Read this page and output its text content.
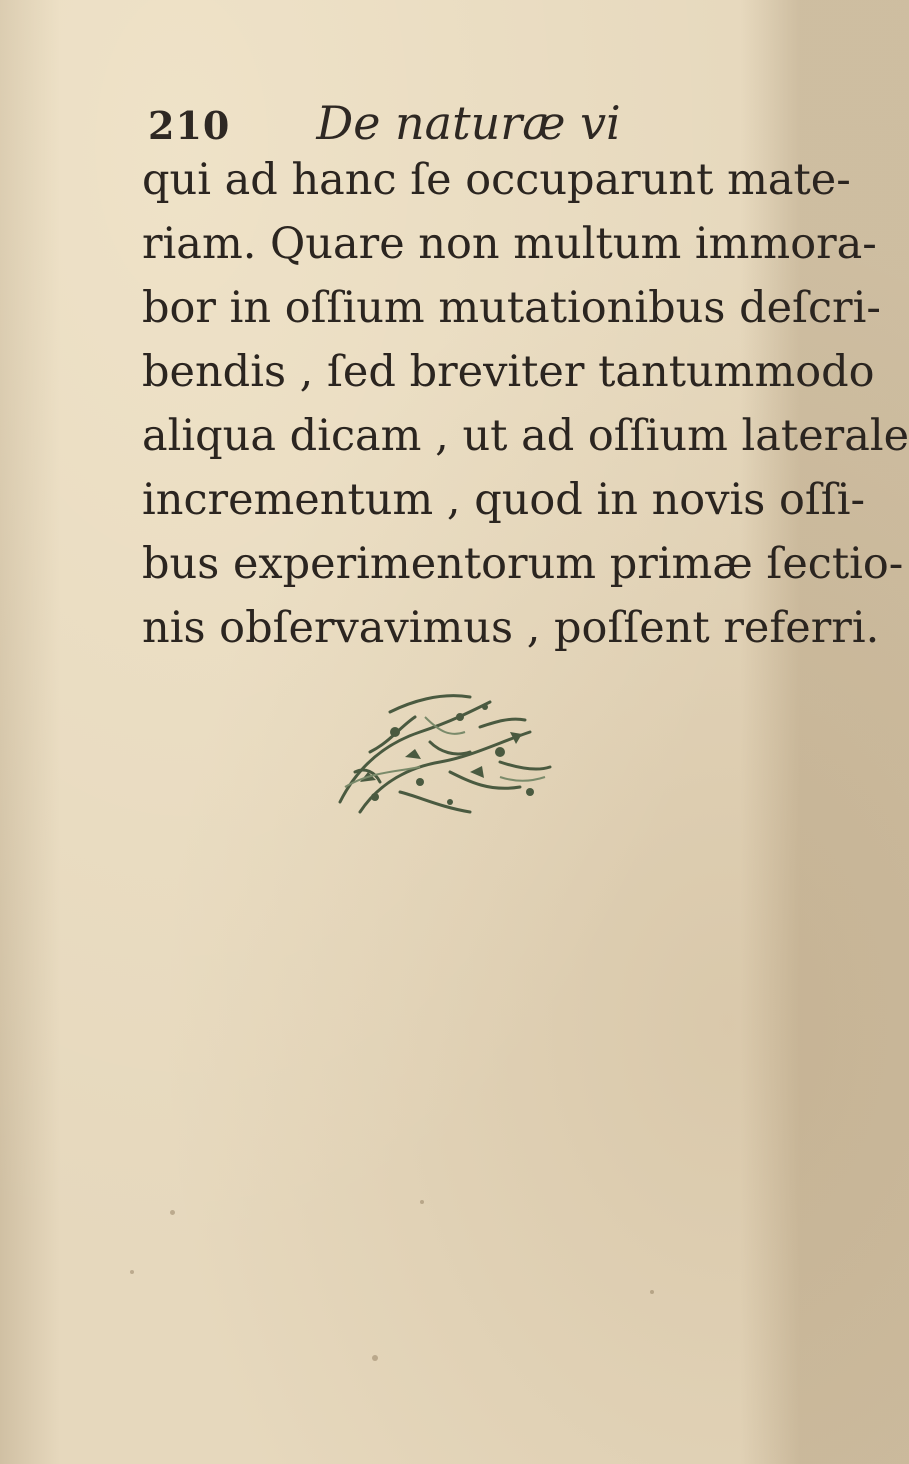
210 De naturæ vi
qui ad hanc ſe occuparunt mate-
riam. Quare non multum immora-
bor in oſſium mutationibus deſcri-
bendis , ſed breviter tantummodo
aliqua dicam , ut ad oſſium laterale
incrementum , quod in novis oſſi-
bus experimentorum primæ ſectio-
nis obſervavimus , poſſent referri.
